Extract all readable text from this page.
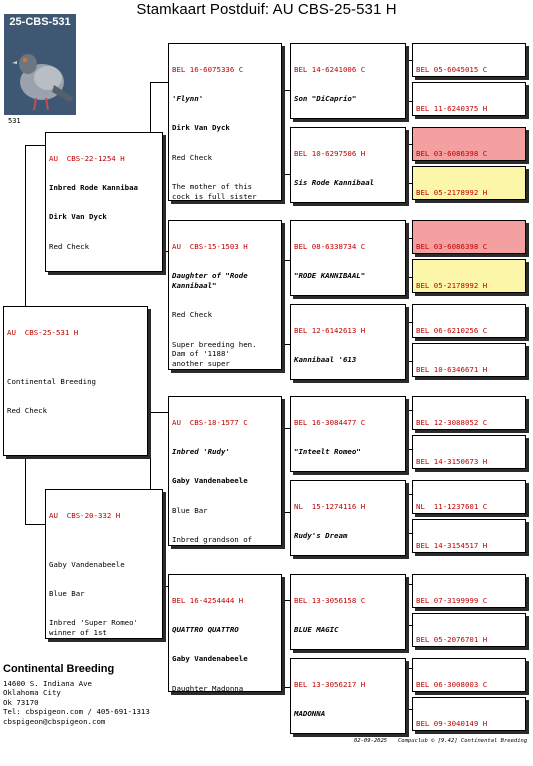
Stamkaart Postduif: AU CBS-25-531 H
25-CBS-531
531

AU  CBS-25-531 H

Continental Breeding

Red Check

AU  CBS-22-1254 H

Inbred Rode Kannibaa

Dirk Van Dyck

Red Check

AU  CBS-20-332 H

Gaby Vandenabeele

Blue Bar

Inbred 'Super Romeo'
winner of 1st

BEL 16-6075336 C

'Flynn'

Dirk Van Dyck

Red Check

The mother of this
cock is full sister

AU  CBS-15-1503 H

Daughter of "Rode
Kannibaal"

Red Check

Super breeding hen.
Dam of '1188'
another super

AU  CBS-18-1577 C

Inbred 'Rudy'

Gaby Vandenabeele

Blue Bar

Inbred grandson of

BEL 16-4254444 H

QUATTRO QUATTRO

Gaby Vandenabeele

Daughter Madonna

BEL 14-6241006 C

Son "DiCaprio"

BEL 10-6297506 H

Sis Rode Kannibaal

BEL 08-6338734 C

"RODE KANNIBAAL"

BEL 12-6142613 H

Kannibaal '613

BEL 16-3084477 C

"Inteelt Romeo"

NL  15-1274116 H

Rudy's Dream

BEL 13-3056158 C

BLUE MAGIC

BEL 13-3056217 H

MADONNA

BEL 05-6045015 C

BEL 11-6240375 H

BEL 03-6086398 C

BEL 05-2178992 H

BEL 03-6086398 C

BEL 05-2178992 H

BEL 06-6210256 C

BEL 10-6346671 H

BEL 12-3088052 C

BEL 14-3150673 H

NL  11-1237601 C

BEL 14-3154517 H

BEL 07-3199999 C

BEL 05-2076701 H

BEL 06-3008003 C

BEL 09-3040149 H

Continental Breeding
14600 S. Indiana Ave
Oklahoma City
Ok 73170
Tel: cbspigeon.com / 405-691-1313
cbspigeon@cbspigeon.com
02-09-2025 Compuclub © [9.42] Continental Breeding
